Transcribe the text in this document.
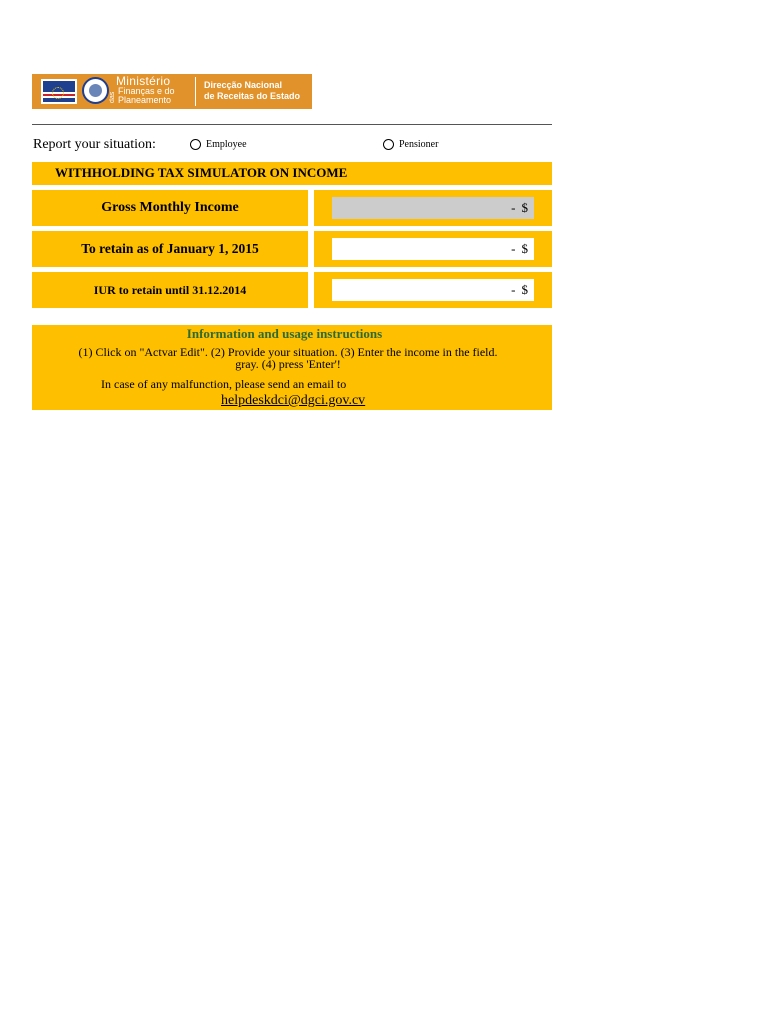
das
Ministério
Finanças e do
Planeamento
Direcção Nacional
de Receitas do Estado
Report your situation:	Employee	Pensioner
WITHHOLDING TAX SIMULATOR ON INCOME
Gross Monthly Income	- $
To retain as of January 1, 2015	- $
IUR to retain until 31.12.2014	- $
Information and usage instructions
(1) Click on "Actvar Edit". (2) Provide your situation. (3) Enter the income in the field.
gray. (4) press 'Enter'!
In case of any malfunction, please send an email to
helpdeskdci@dgci.gov.cv
